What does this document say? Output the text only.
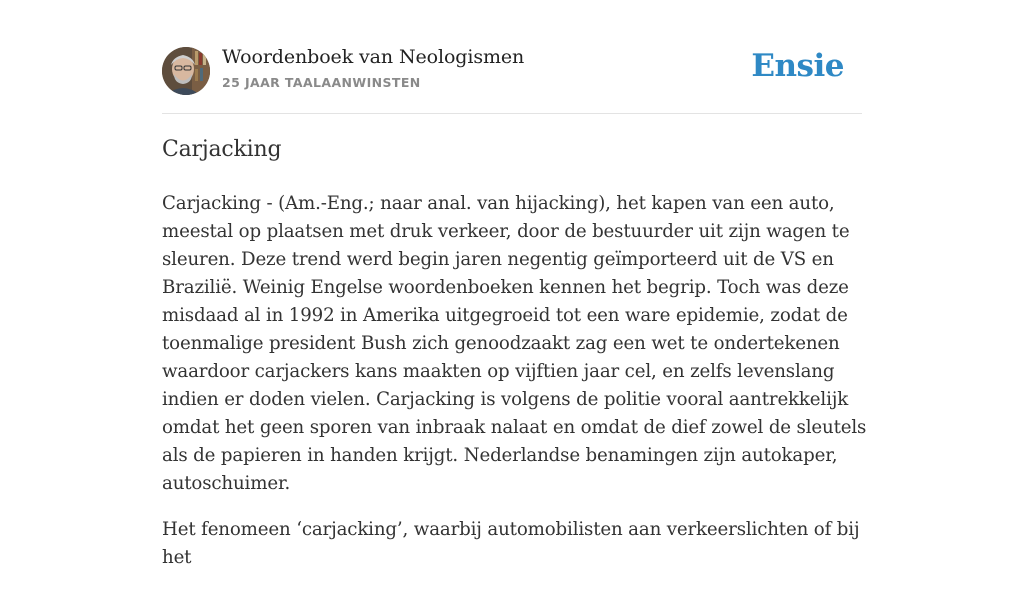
Woordenboek van Neologismen
25 JAAR TAALAANWINSTEN	Ensie
Carjacking

Carjacking - (Am.-Eng.; naar anal. van hijacking), het kapen van een auto, meestal op plaatsen met druk verkeer, door de bestuurder uit zijn wagen te sleuren. Deze trend werd begin jaren negentig geïmporteerd uit de VS en Brazilië. Weinig Engelse woordenboeken kennen het begrip. Toch was deze misdaad al in 1992 in Amerika uitgegroeid tot een ware epidemie, zodat de toenmalige president Bush zich genoodzaakt zag een wet te ondertekenen waardoor carjackers kans maakten op vijftien jaar cel, en zelfs levenslang indien er doden vielen. Carjacking is volgens de politie vooral aantrekkelijk omdat het geen sporen van inbraak nalaat en omdat de dief zowel de sleutels als de papieren in handen krijgt. Nederlandse benamingen zijn autokaper, autoschuimer.

Het fenomeen ‘carjacking’, waarbij automobilisten aan verkeerslichten of bij het
